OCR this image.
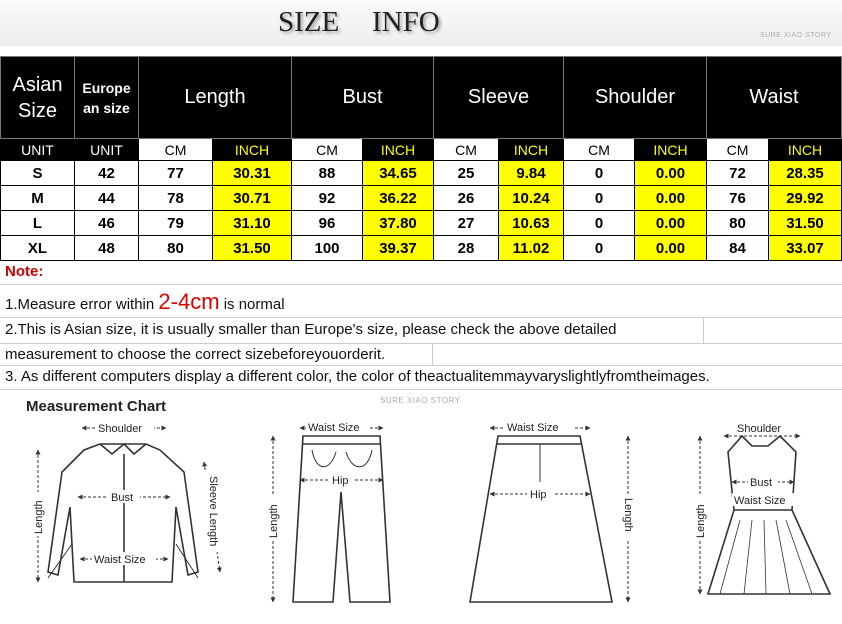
SIZE INFO	SURE XIAO STORY
Asian Size	Europe an size	Length		Bust		Sleeve		Shoulder		Waist	
UNIT	UNIT	CM	INCH	CM	INCH	CM	INCH	CM	INCH	CM	INCH
S	42	77	30.31	88	34.65	25	9.84	0	0.00	72	28.35
M	44	78	30.71	92	36.22	26	10.24	0	0.00	76	29.92
L	46	79	31.10	96	37.80	27	10.63	0	0.00	80	31.50
XL	48	80	31.50	100	39.37	28	11.02	0	0.00	84	33.07
Note:
1.Measure error within 2-4cm is normal
2.This is Asian size, it is usually smaller than Europe's size, please check the above detailed
measurement to choose the correct sizebeforeyouorderit.
3. As different computers display a different color, the color of theactualitemmayvaryslightlyfromtheimages.
Measurement Chart	SURE XIAO STORY
Shoulder
Bust
Waist Size
Length	Sleeve Length
Waist Size
Hip
Length
Waist Size
Hip
Length
Shoulder
Bust
Waist Size
Length
